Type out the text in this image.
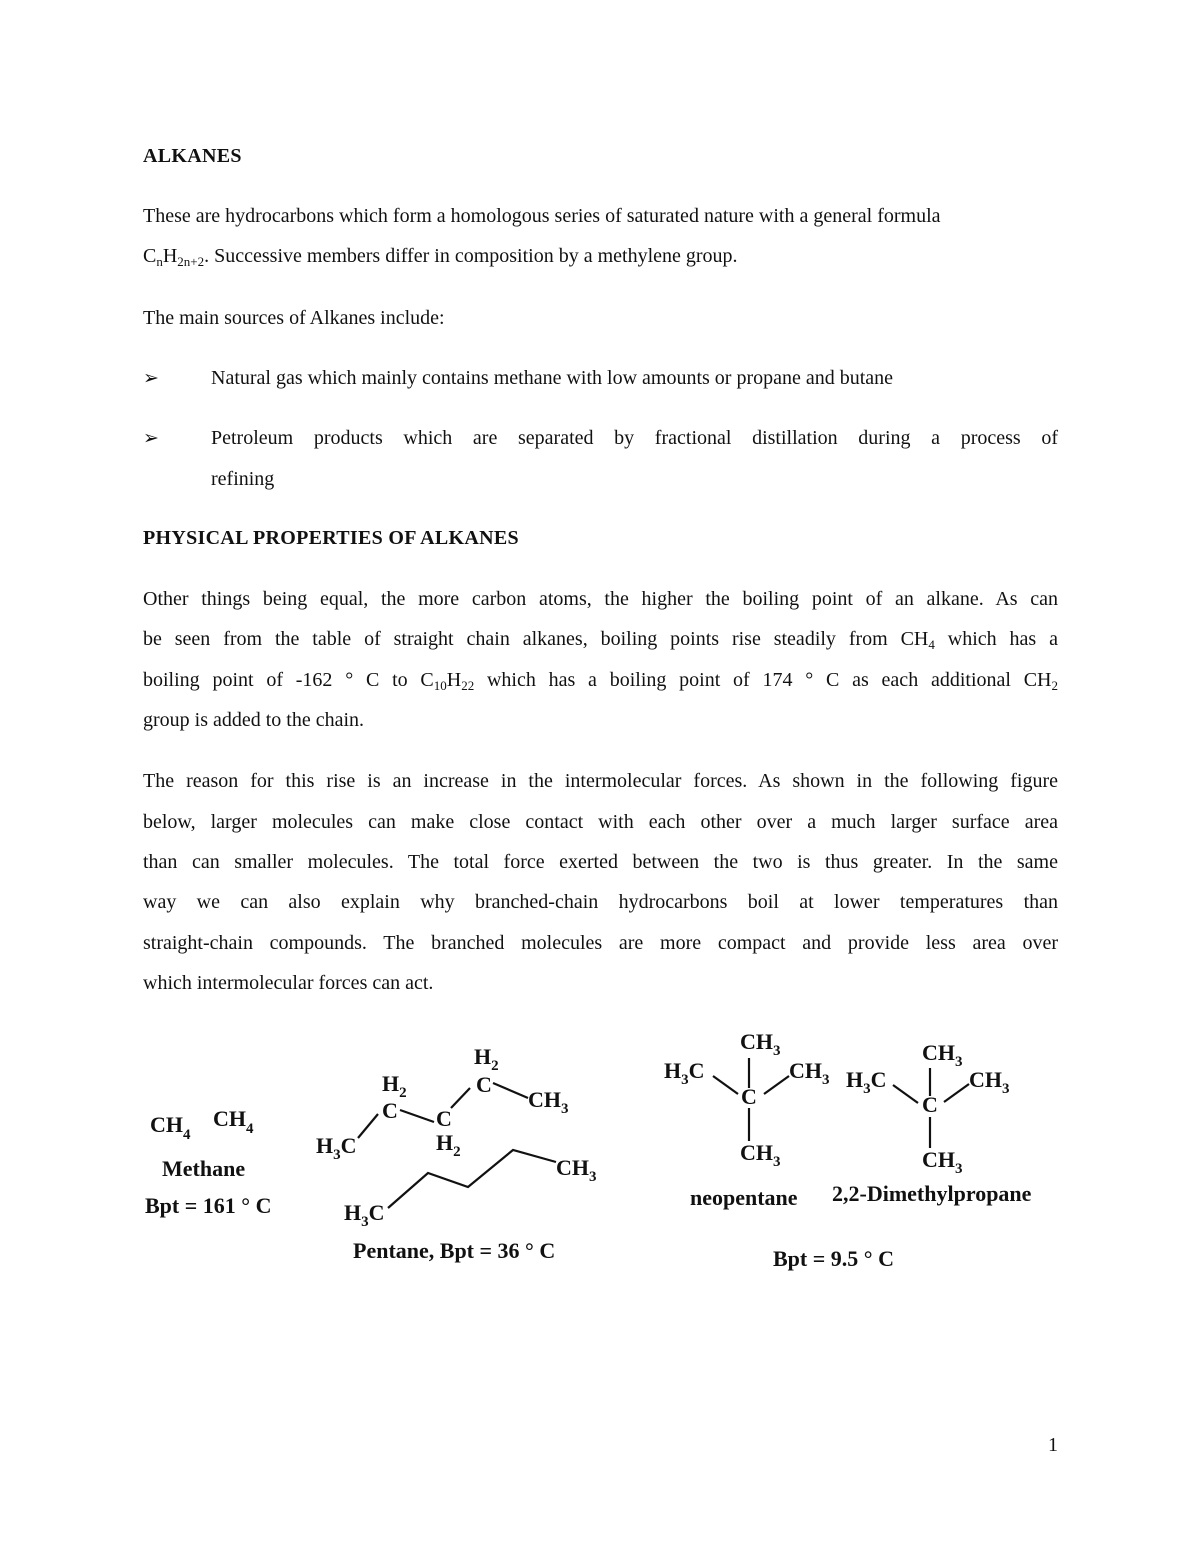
ALKANES
These are hydrocarbons which form a homologous series of saturated nature with a general formula
$C_nH_{2n+2}$. Successive members differ in composition by a methylene group.
The main sources of Alkanes include:
➢	Natural gas which mainly contains methane with low amounts or propane and butane
➢	Petroleum products which are separated by fractional distillation during a process of
refining
PHYSICAL PROPERTIES OF ALKANES
Other things being equal, the more carbon atoms, the higher the boiling point of an alkane. As can
be seen from the table of straight chain alkanes, boiling points rise steadily from $CH_4$ which has a
boiling point of -162 ° C to $C_{10}H_{22}$ which has a boiling point of 174 ° C as each additional $CH_2$
group is added to the chain.
The reason for this rise is an increase in the intermolecular forces. As shown in the following figure
below, larger molecules can make close contact with each other over a much larger surface area
than can smaller molecules. The total force exerted between the two is thus greater. In the same
way we can also explain why branched-chain hydrocarbons boil at lower temperatures than
straight-chain compounds. The branched molecules are more compact and provide less area over
which intermolecular forces can act.
$CH_4$
$CH_4$
Methane
Bpt = 161 ° C
$H_2$
C
$CH_3$
$H_2$
C C
$H_2$
$H_3C$
$H_3C$
$CH_3$
Pentane, Bpt = 36 ° C
$CH_3$
$H_3C$	$CH_3$
C
$CH_3$
neopentane
$CH_3$
$H_3C$	$CH_3$
C
$CH_3$
2,2-Dimethylpropane
Bpt = 9.5 ° C
1
